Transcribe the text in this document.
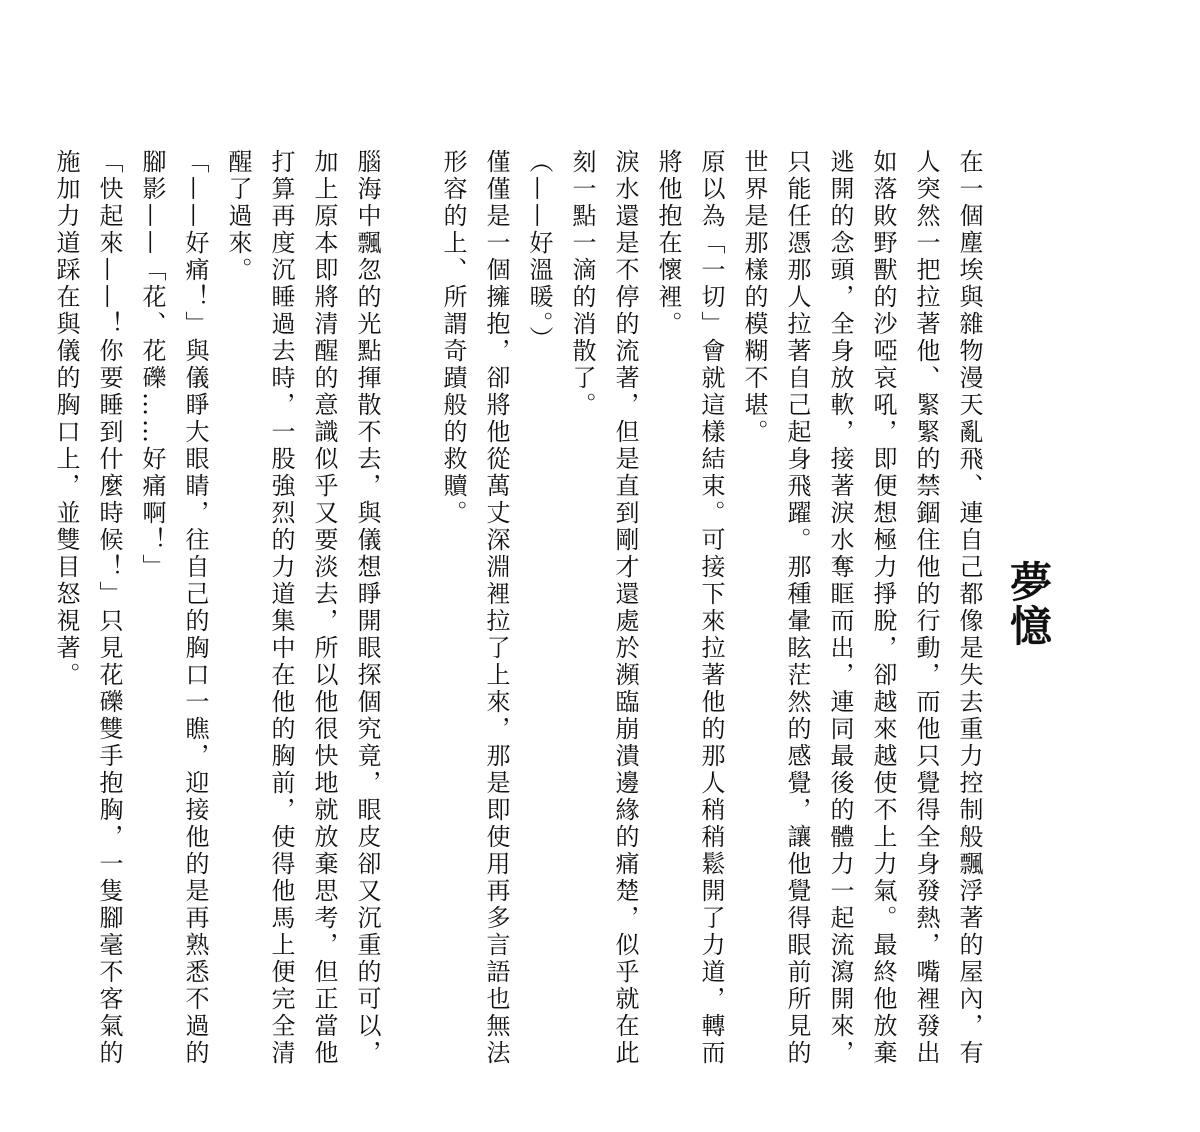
夢憶

在一個塵埃與雜物漫天亂飛、連自己都像是失去重力控制般飄浮著的屋內，有人突然一把拉著他、緊緊的禁錮住他的行動，而他只覺得全身發熱，嘴裡發出如落敗野獸的沙啞哀吼，即便想極力掙脫，卻越來越使不上力氣。最終他放棄逃開的念頭，全身放軟，接著淚水奪眶而出，連同最後的體力一起流瀉開來，只能任憑那人拉著自己起身飛躍。那種暈眩茫然的感覺，讓他覺得眼前所見的世界是那樣的模糊不堪。

原以為「一切」會就這樣結束。可接下來拉著他的那人稍稍鬆開了力道，轉而將他抱在懷裡。

淚水還是不停的流著，但是直到剛才還處於瀕臨崩潰邊緣的痛楚，似乎就在此刻一點一滴的消散了。

（——好溫暖。）

僅僅是一個擁抱，卻將他從萬丈深淵裡拉了上來，那是即使用再多言語也無法形容的上、所謂奇蹟般的救贖。

腦海中飄忽的光點揮散不去，與儀想睜開眼探個究竟，眼皮卻又沉重的可以，加上原本即將清醒的意識似乎又要淡去，所以他很快地就放棄思考，但正當他打算再度沉睡過去時，一股強烈的力道集中在他的胸前，使得他馬上便完全清醒了過來。

「——好痛！」與儀睜大眼睛，往自己的胸口一瞧，迎接他的是再熟悉不過的腳影——「花、花礫……好痛啊！」

「快起來——！你要睡到什麼時候！」只見花礫雙手抱胸，一隻腳毫不客氣的施加力道踩在與儀的胸口上，並雙目怒視著。
